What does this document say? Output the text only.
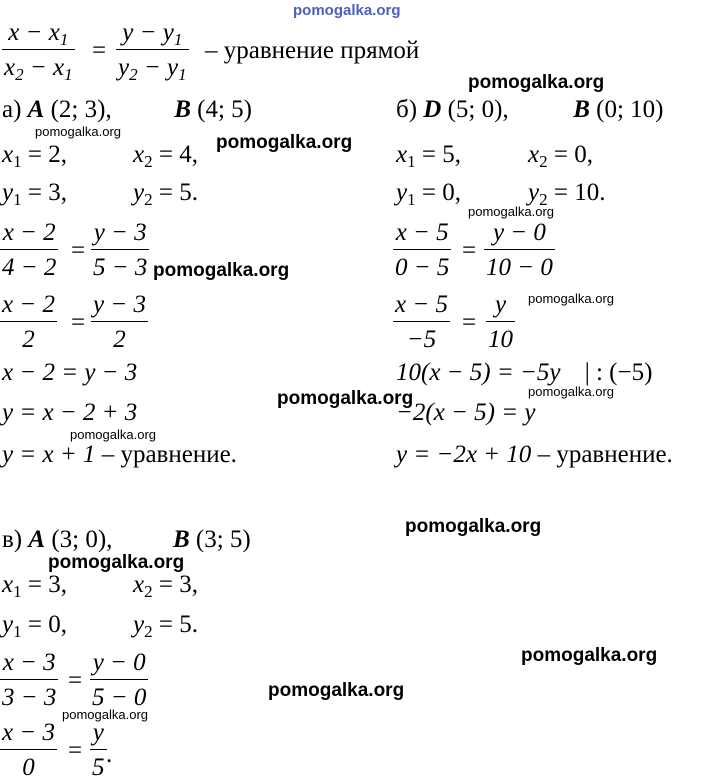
pomogalka.org
$x - x_1$
$x_2 - x_1$
=
$y - y_1$
$y_2 - y_1$
– уравнение прямой
pomogalka.org
а) A (2; 3),	B (4; 5)
pomogalka.org
pomogalka.org
$x_1 = 2$,	$x_2 = 4$,
$y_1 = 3$,	$y_2 = 5$.
x − 2
4 − 2
=
y − 3
5 − 3 pomogalka.org
x − 2
2
=
y − 3
2
x − 2 = y − 3
y = x − 2 + 3
pomogalka.org
pomogalka.org
y = x + 1 – уравнение.
б) D (5; 0),	B (0; 10)
$x_1 = 5$,	$x_2 = 0$,
$y_1 = 0$,	$y_2 = 10$.
pomogalka.org
x − 5
0 − 5
=
y − 0
10 − 0
x − 5
−5
=
y
10
pomogalka.org
10(x − 5) = −5y | : (−5)
pomogalka.org
−2(x − 5) = y
y = −2x + 10 – уравнение.
pomogalka.org
в) A (3; 0), B (3; 5)
pomogalka.org
$x_1 = 3$,	$x_2 = 3$,
$y_1 = 0$,	$y_2 = 5$.
pomogalka.org
x − 3
3 − 3
=
y − 0
5 − 0	pomogalka.org
pomogalka.org
x − 3
0
=
y
5 .
